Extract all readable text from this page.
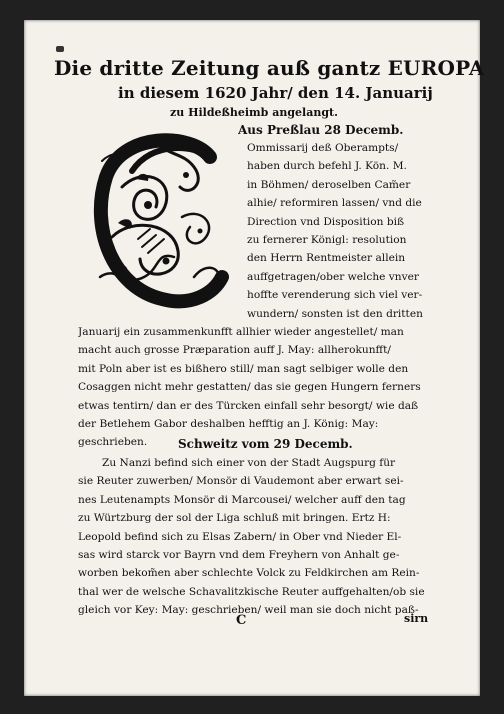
Die dritte Zeitung auß gantz EUROPA
in diesem 1620 Jahr/ den 14. Januarij
zu Hildeßheimb angelangt.
Aus Preßlau 28 Decemb.
Ommissarij deß Oberampts/
haben durch befehl J. Kön. M.
in Böhmen/ deroselben Cam̃er
alhie/ reformiren lassen/ vnd die
Direction vnd Disposition biß
zu fernerer Königl: resolution
den Herrn Rentmeister allein
auffgetragen/ober welche vnver
hoffte verenderung sich viel ver-
wundern/ sonsten ist den dritten
Januarij ein zusammenkunfft allhier wieder angestellet/ man
macht auch grosse Præparation auff J. May: allherokunfft/
mit Poln aber ist es bißhero still/ man sagt selbiger wolle den
Cosaggen nicht mehr gestatten/ das sie gegen Hungern ferners
etwas tentirn/ dan er des Türcken einfall sehr besorgt/ wie daß
der Betlehem Gabor deshalben hefftig an J. König: May:
geschrieben.	Schweitz vom 29 Decemb.
Zu Nanzi befind sich einer von der Stadt Augspurg für
sie Reuter zuwerben/ Monsör di Vaudemont aber erwart sei-
nes Leutenampts Monsör di Marcousei/ welcher auff den tag
zu Würtzburg der sol der Liga schluß mit bringen. Ertz H:
Leopold befind sich zu Elsas Zabern/ in Ober vnd Nieder El-
sas wird starck vor Bayrn vnd dem Freyhern von Anhalt ge-
worben bekom̃en aber schlechte Volck zu Feldkirchen am Rein-
thal wer de welsche Schavalitzkische Reuter auffgehalten/ob sie
gleich vor Key: May: geschrieben/ weil man sie doch nicht paß-
C	sirn
